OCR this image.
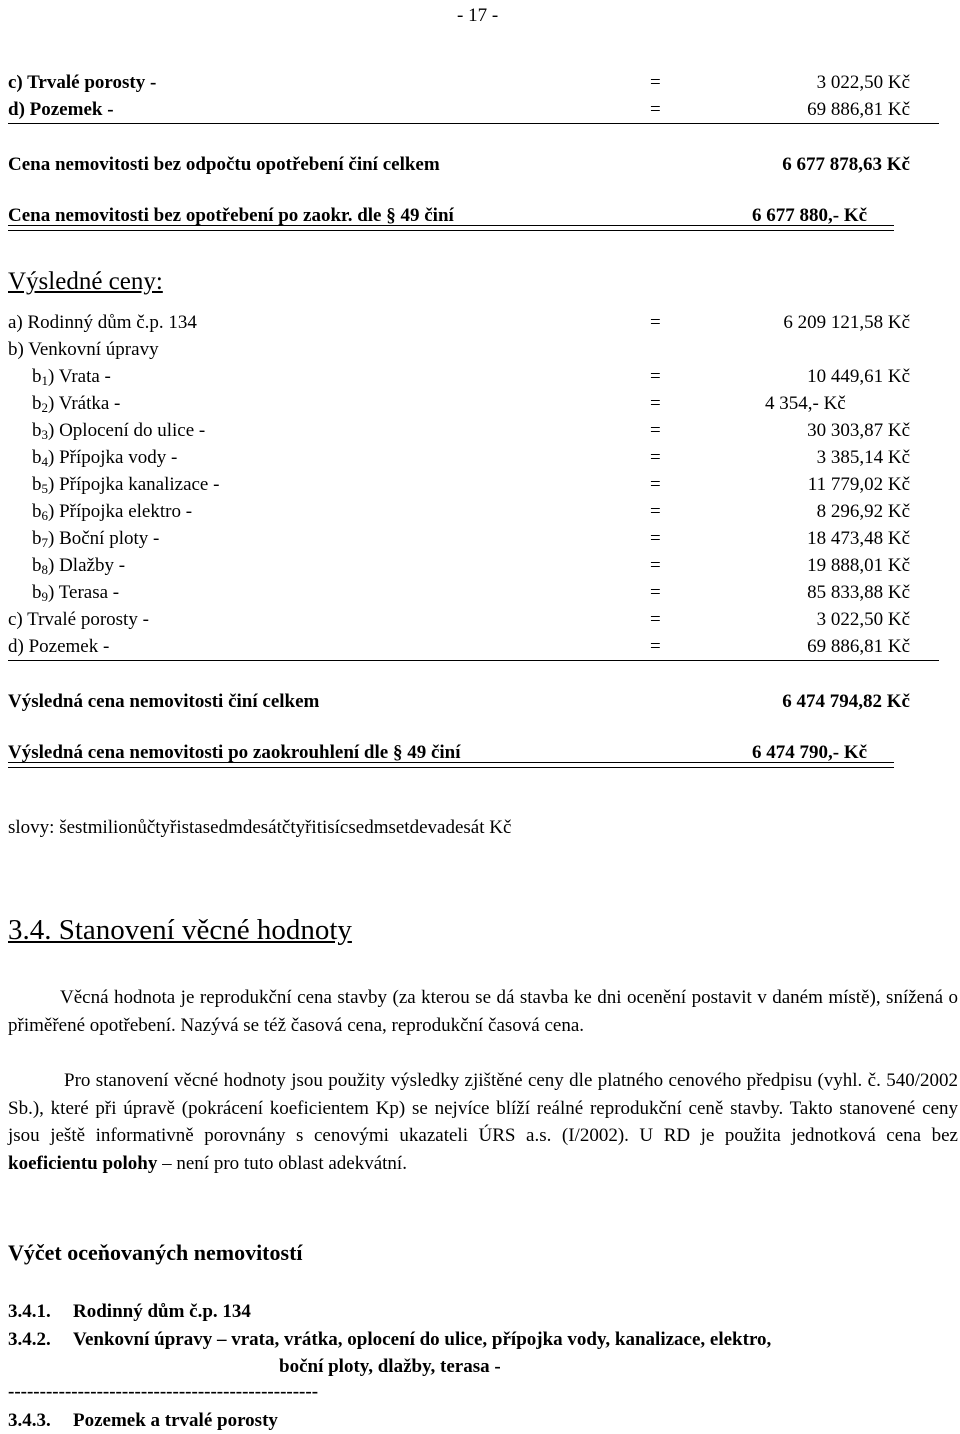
- 17 -
c) Trvalé porosty -	=	3 022,50 Kč
d) Pozemek -	=	69 886,81 Kč
Cena nemovitosti bez odpočtu opotřebení činí celkem	6 677 878,63 Kč
Cena nemovitosti bez opotřebení po zaokr. dle § 49 činí	6 677 880,- Kč
Výsledné ceny:
a) Rodinný dům č.p. 134	=	6 209 121,58 Kč
b) Venkovní úpravy
$b_1$) Vrata -	=	10 449,61 Kč
$b_2$) Vrátka -	=	4 354,- Kč
$b_3$) Oplocení do ulice -	=	30 303,87 Kč
$b_4$) Přípojka vody -	=	3 385,14 Kč
$b_5$) Přípojka kanalizace -	=	11 779,02 Kč
$b_6$) Přípojka elektro -	=	8 296,92 Kč
$b_7$) Boční ploty -	=	18 473,48 Kč
$b_8$) Dlažby -	=	19 888,01 Kč
$b_9$) Terasa -	=	85 833,88 Kč
c) Trvalé porosty -	=	3 022,50 Kč
d) Pozemek -	=	69 886,81 Kč
Výsledná cena nemovitosti činí celkem	6 474 794,82 Kč
Výsledná cena nemovitosti po zaokrouhlení dle § 49 činí	6 474 790,- Kč
slovy: šestmilionůčtyřistasedmdesátčtyřitisícsedmsetdevadesát Kč
3.4. Stanovení věcné hodnoty
Věcná hodnota je reprodukční cena stavby (za kterou se dá stavba ke dni ocenění postavit v daném místě), snížená o přiměřené opotřebení. Nazývá se též časová cena, reprodukční časová cena.
Pro stanovení věcné hodnoty jsou použity výsledky zjištěné ceny dle platného cenového předpisu (vyhl. č. 540/2002 Sb.), které při úpravě (pokrácení koeficientem Kp) se nejvíce blíží reálné reprodukční ceně stavby. Takto stanovené ceny jsou ještě informativně porovnány s cenovými ukazateli ÚRS a.s. (I/2002). U RD je použita jednotková cena bez koeficientu polohy – není pro tuto oblast adekvátní.
Výčet oceňovaných nemovitostí
3.4.1. Rodinný dům č.p. 134
3.4.2. Venkovní úpravy – vrata, vrátka, oplocení do ulice, přípojka vody, kanalizace, elektro,
boční ploty, dlažby, terasa -
-------------------------------------------------
3.4.3. Pozemek a trvalé porosty
